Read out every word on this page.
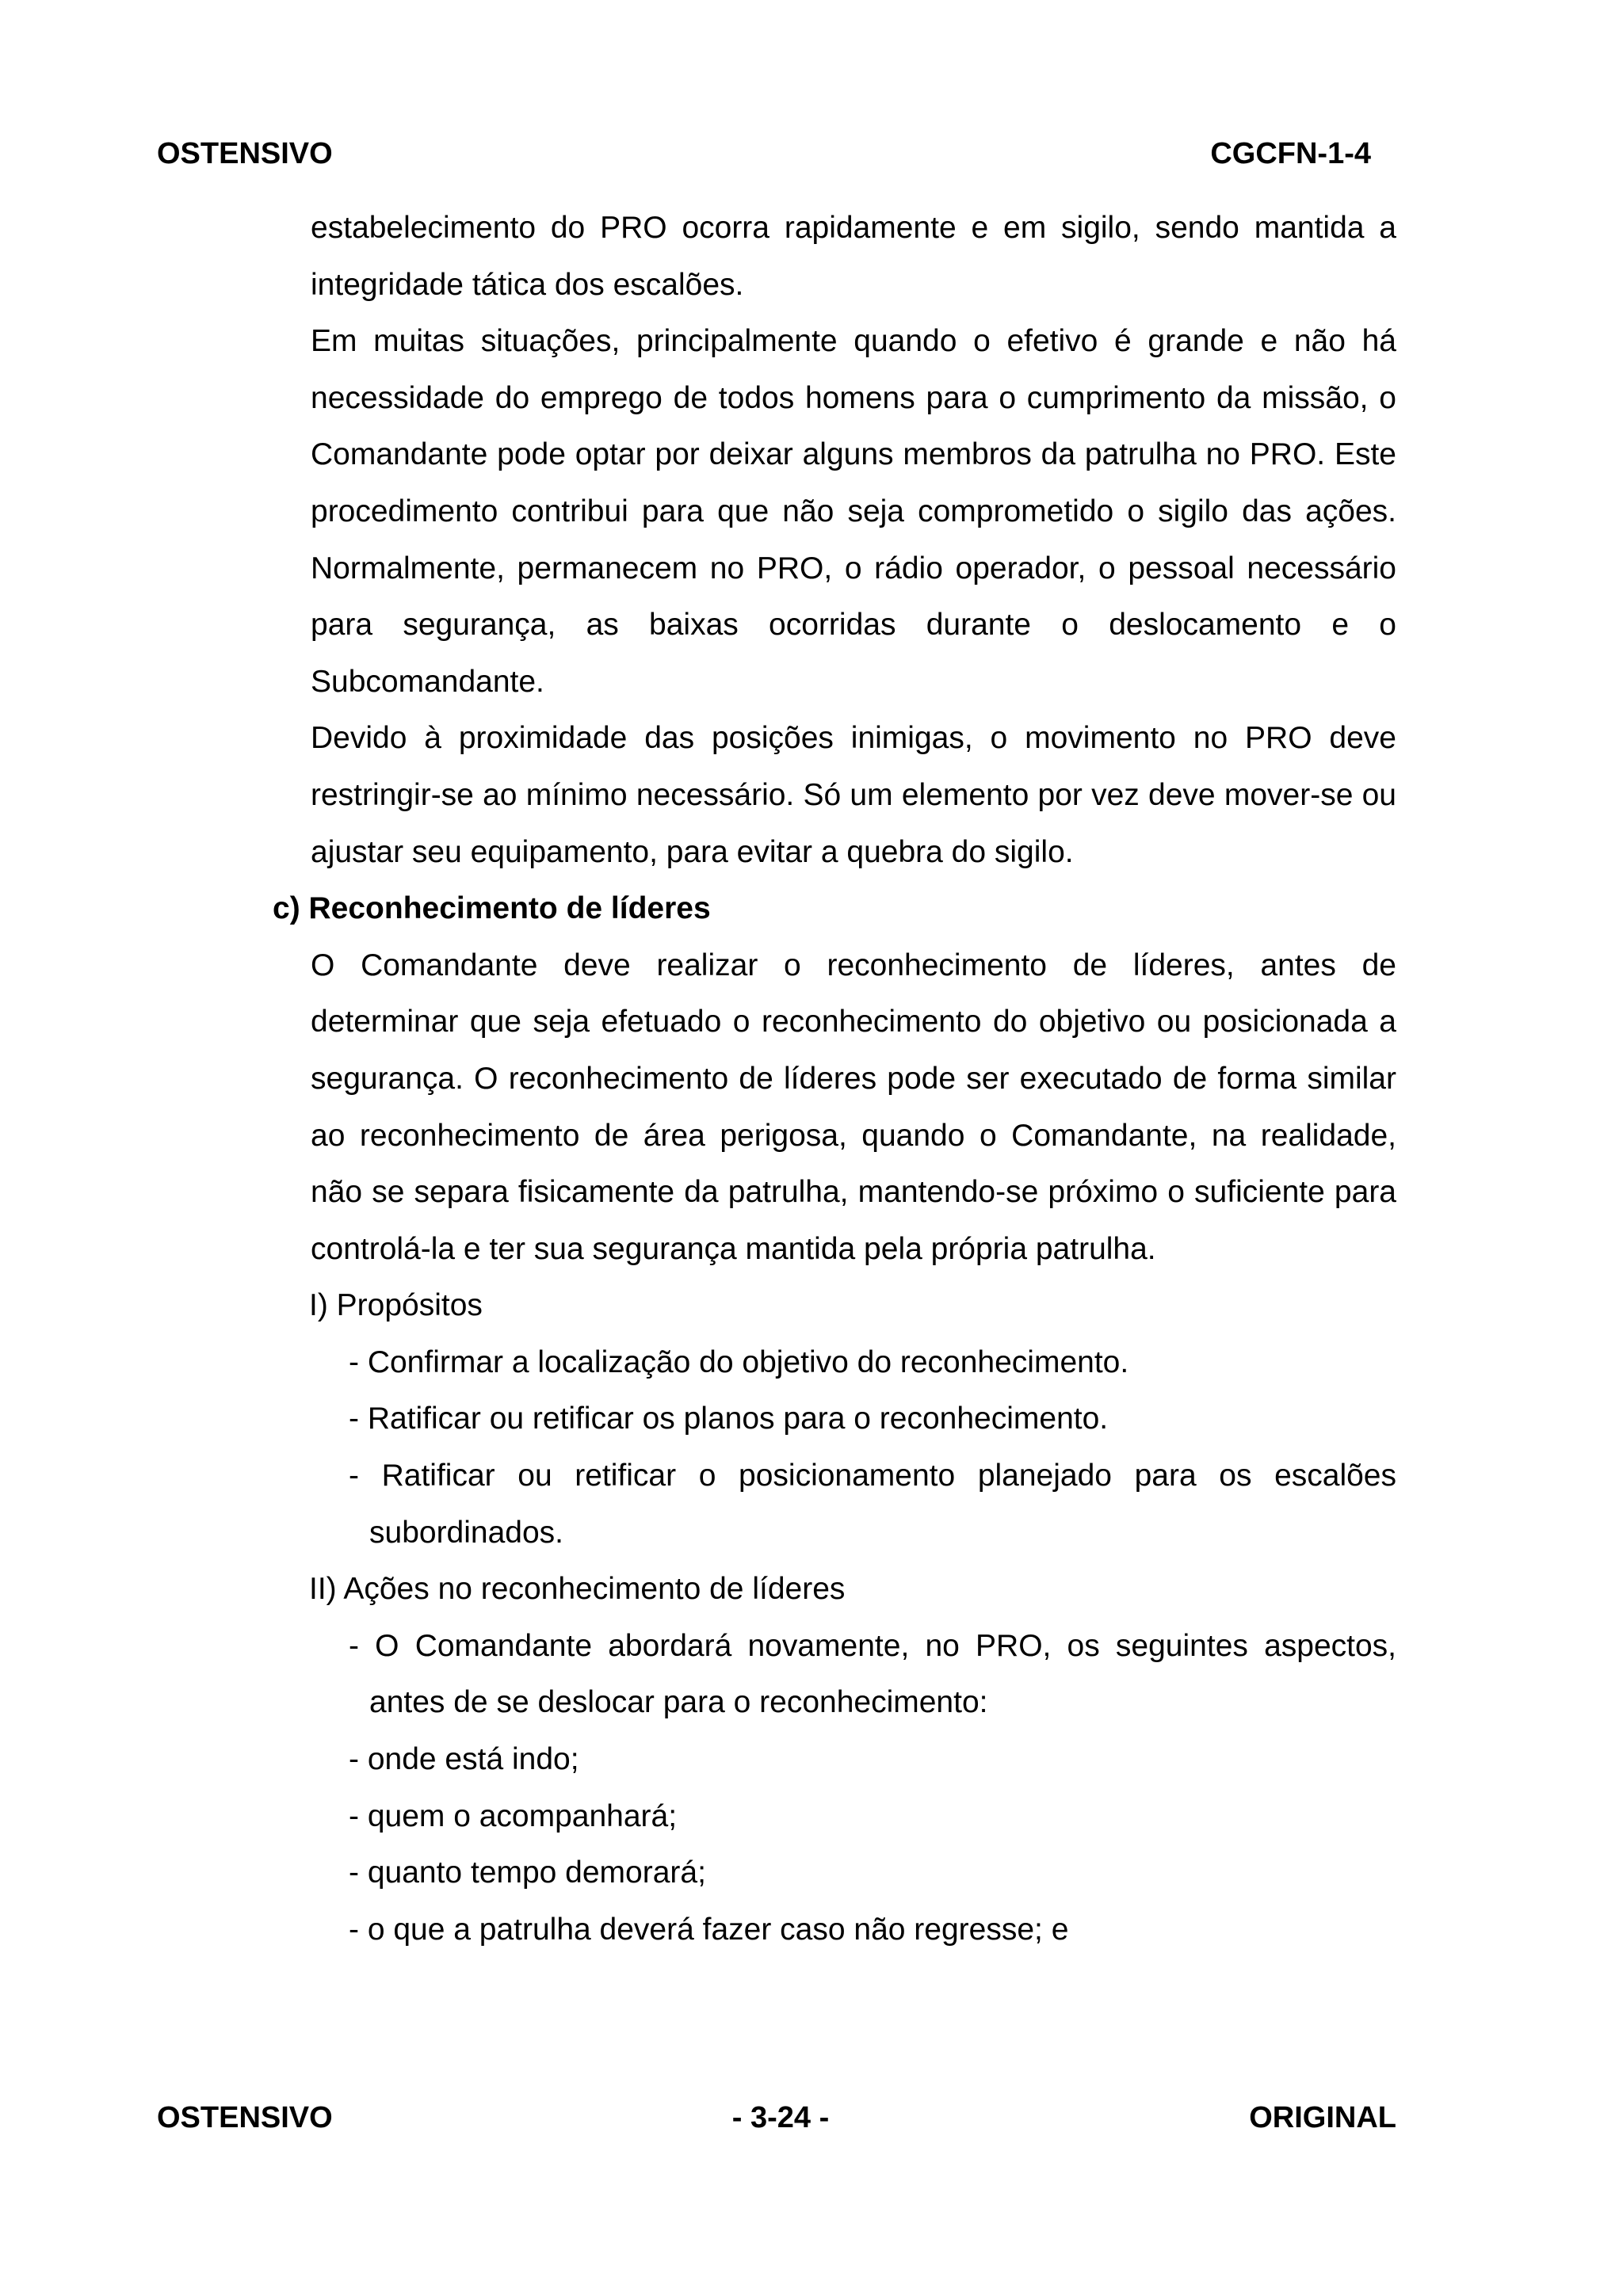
OSTENSIVO	CGCFN-1-4

estabelecimento do PRO ocorra rapidamente e em sigilo, sendo mantida a integridade tática dos escalões.

Em muitas situações, principalmente quando o efetivo é grande e não há necessidade do emprego de todos homens para o cumprimento da missão, o Comandante pode optar por deixar alguns membros da patrulha no PRO. Este procedimento contribui para que não seja comprometido o sigilo das ações. Normalmente, permanecem no PRO, o rádio operador, o pessoal necessário para segurança, as baixas ocorridas durante o deslocamento e o Subcomandante.

Devido à proximidade das posições inimigas, o movimento no PRO deve restringir-se ao mínimo necessário. Só um elemento por vez deve mover-se ou ajustar seu equipamento, para evitar a quebra do sigilo.

c) Reconhecimento de líderes

O Comandante deve realizar o reconhecimento de líderes, antes de determinar que seja efetuado o reconhecimento do objetivo ou posicionada a segurança. O reconhecimento de líderes pode ser executado de forma similar ao reconhecimento de área perigosa, quando o Comandante, na realidade, não se separa fisicamente da patrulha, mantendo-se próximo o suficiente para controlá-la e ter sua segurança mantida pela própria patrulha.

I) Propósitos

- Confirmar a localização do objetivo do reconhecimento.

- Ratificar ou retificar os planos para o reconhecimento.

- Ratificar ou retificar o posicionamento planejado para os escalões subordinados.

II) Ações no reconhecimento de líderes

- O Comandante abordará novamente, no PRO, os seguintes aspectos, antes de se deslocar para o reconhecimento:

- onde está indo;

- quem o acompanhará;

- quanto tempo demorará;

- o que a patrulha deverá fazer caso não regresse; e

OSTENSIVO	- 3-24 -	ORIGINAL
